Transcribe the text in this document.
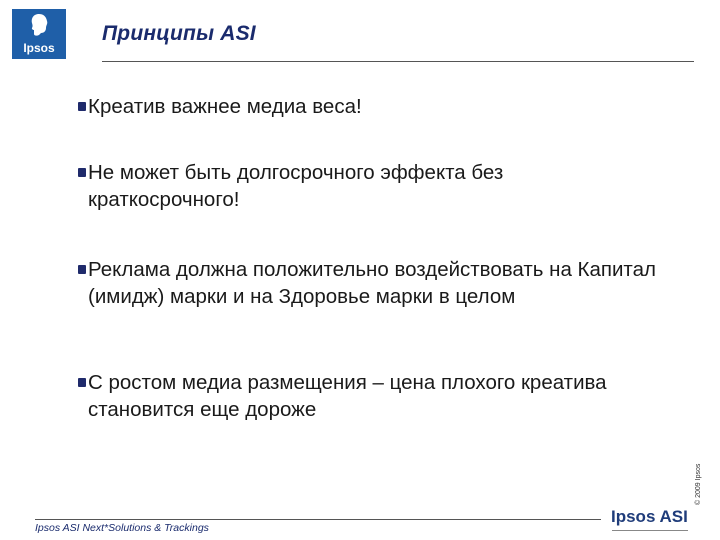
Ipsos
Принципы ASI
Креатив важнее медиа веса!
Не может быть долгосрочного эффекта без краткосрочного!
Реклама должна положительно воздействовать на Капитал (имидж) марки и на Здоровье марки в целом
С ростом медиа размещения – цена плохого креатива становится еще дороже
© 2009 Ipsos
Ipsos ASI Next*Solutions & Trackings
Ipsos ASI
